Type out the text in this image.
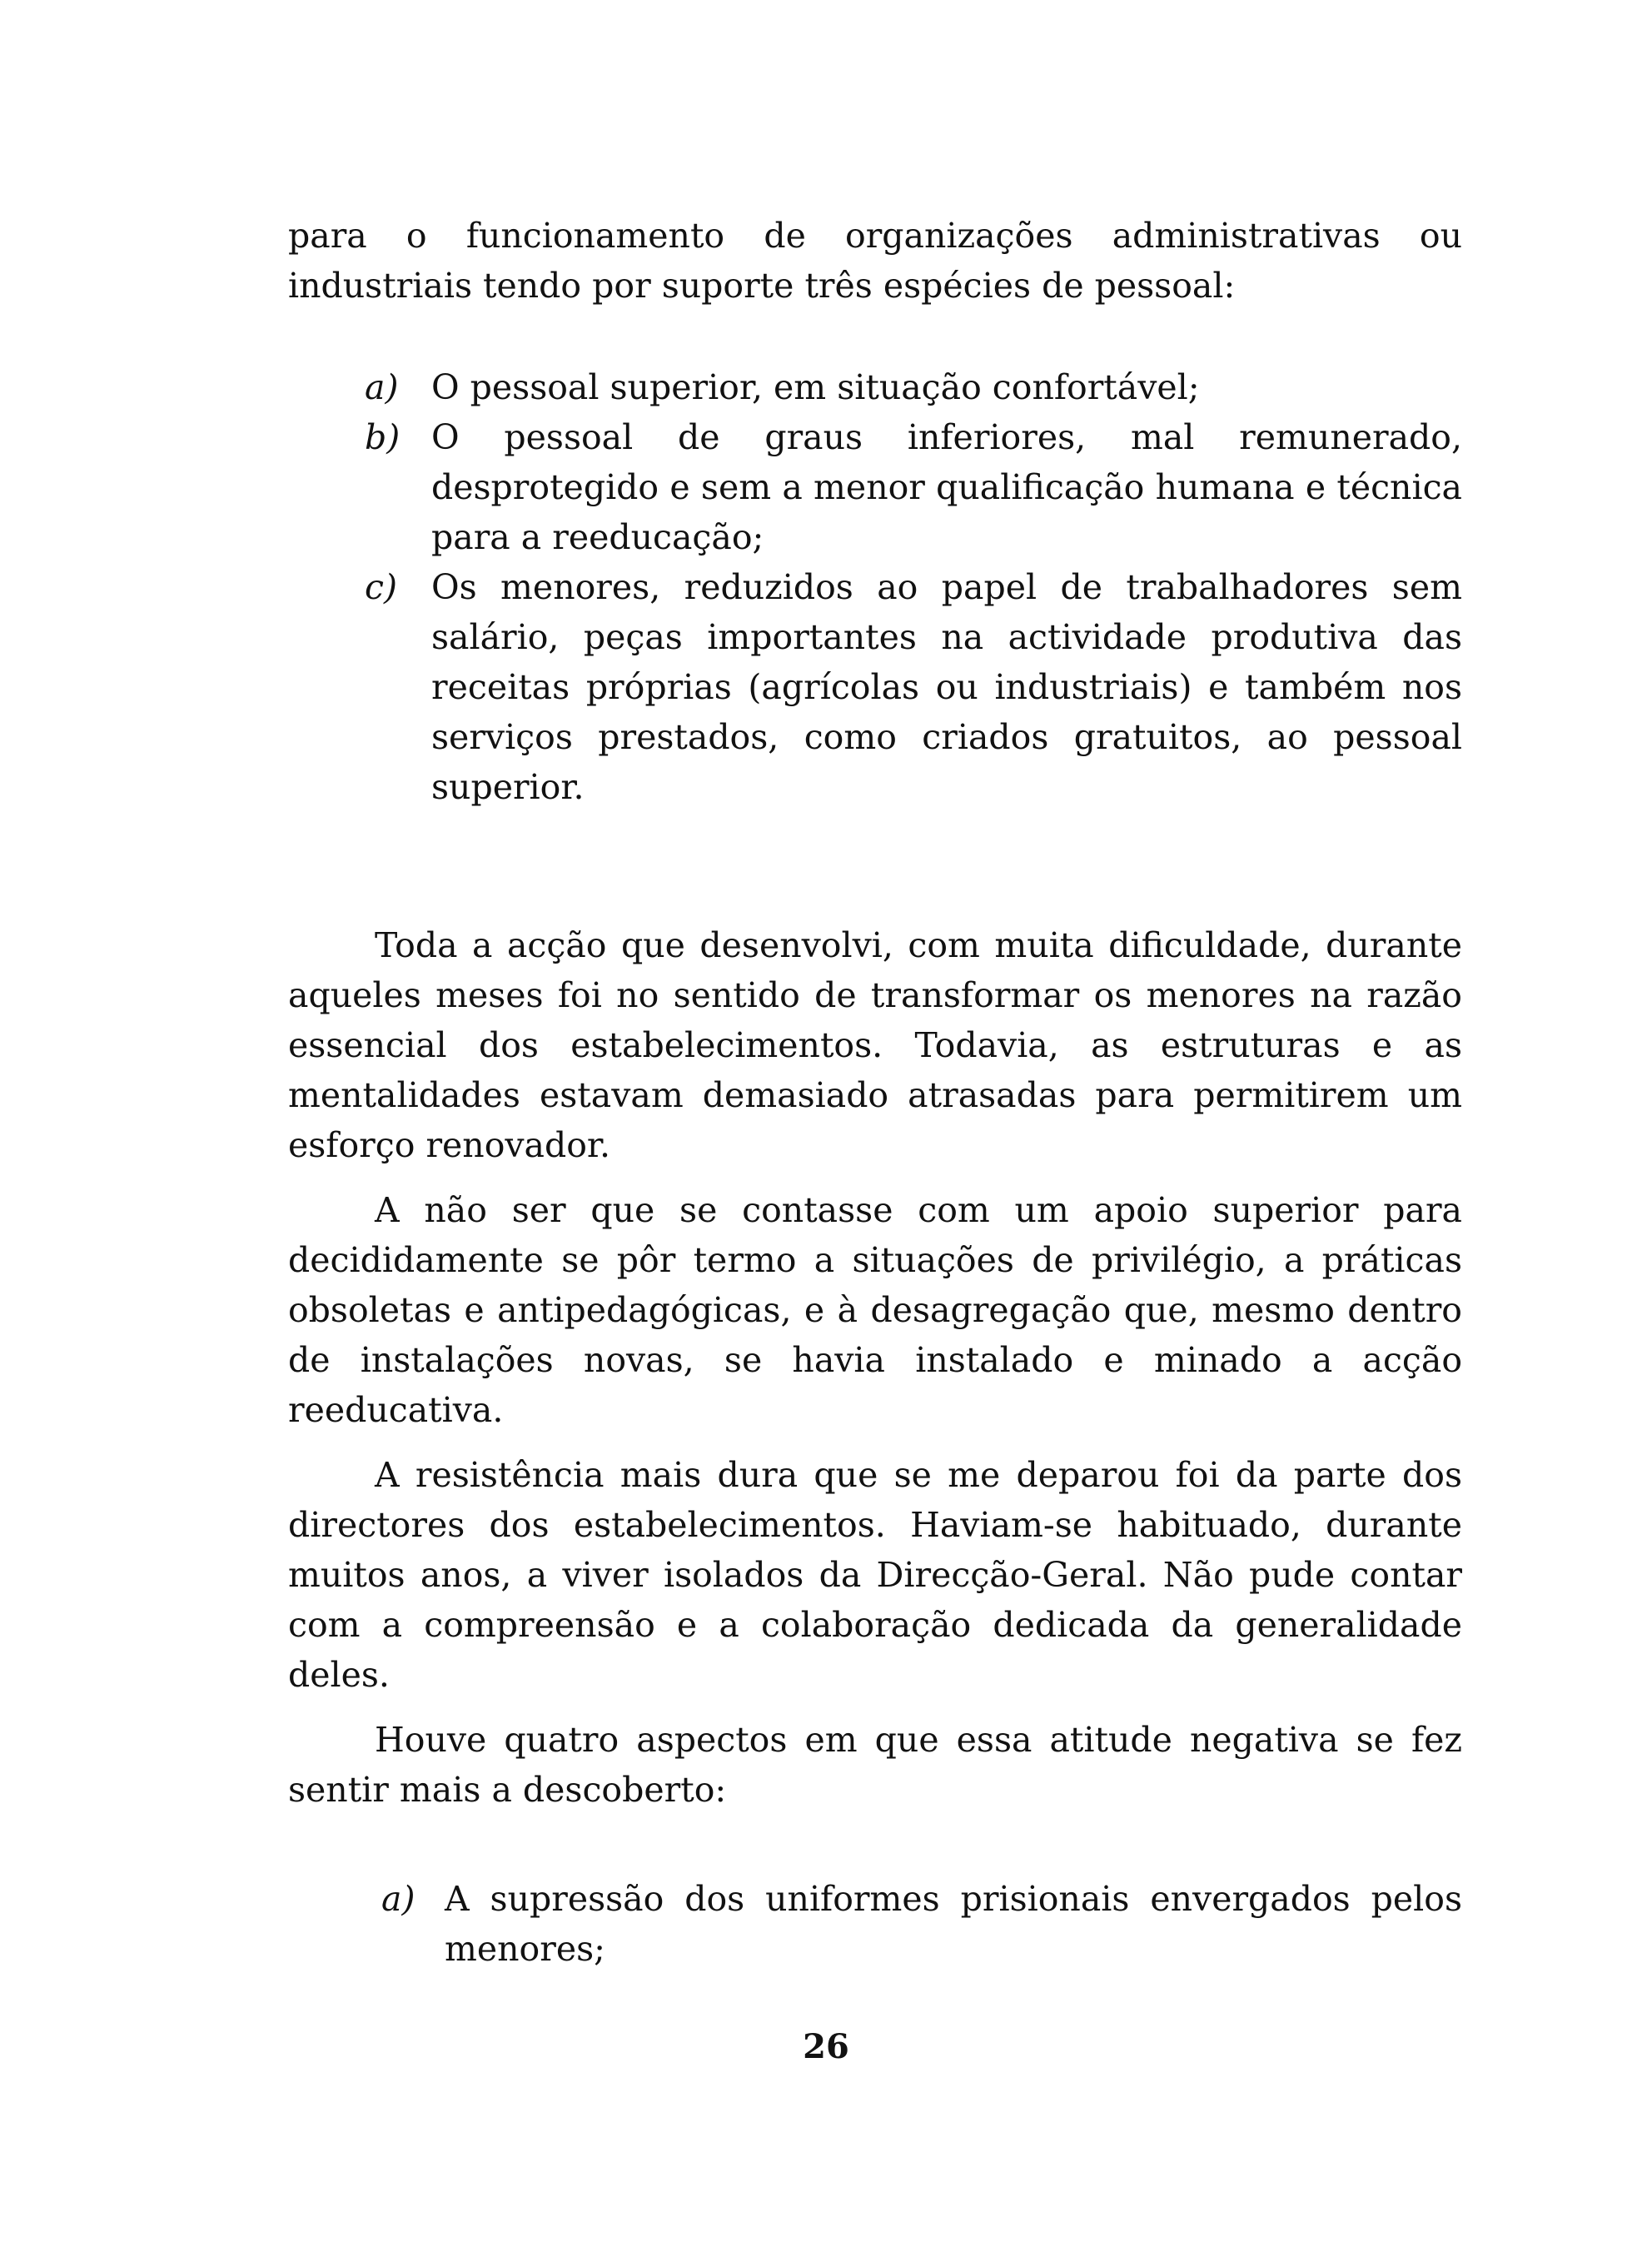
para o funcionamento de organizações administrativas ou industriais tendo por suporte três espécies de pessoal:

a) O pessoal superior, em situação confortável;

b) O pessoal de graus inferiores, mal remunerado, desprotegido e sem a menor qualificação humana e técnica para a reeducação;

c) Os menores, reduzidos ao papel de trabalhadores sem salário, peças importantes na actividade produtiva das receitas próprias (agrícolas ou industriais) e também nos serviços prestados, como criados gratuitos, ao pessoal superior.

Toda a acção que desenvolvi, com muita dificuldade, durante aqueles meses foi no sentido de transformar os menores na razão essencial dos estabelecimentos. Todavia, as estruturas e as mentalidades estavam demasiado atrasadas para permitirem um esforço renovador.

A não ser que se contasse com um apoio superior para decididamente se pôr termo a situações de privilégio, a práticas obsoletas e antipedagógicas, e à desagregação que, mesmo dentro de instalações novas, se havia instalado e minado a acção reeducativa.

A resistência mais dura que se me deparou foi da parte dos directores dos estabelecimentos. Haviam-se habituado, durante muitos anos, a viver isolados da Direcção-Geral. Não pude contar com a compreensão e a colaboração dedicada da generalidade deles.

Houve quatro aspectos em que essa atitude negativa se fez sentir mais a descoberto:

a) A supressão dos uniformes prisionais envergados pelos menores;

26
